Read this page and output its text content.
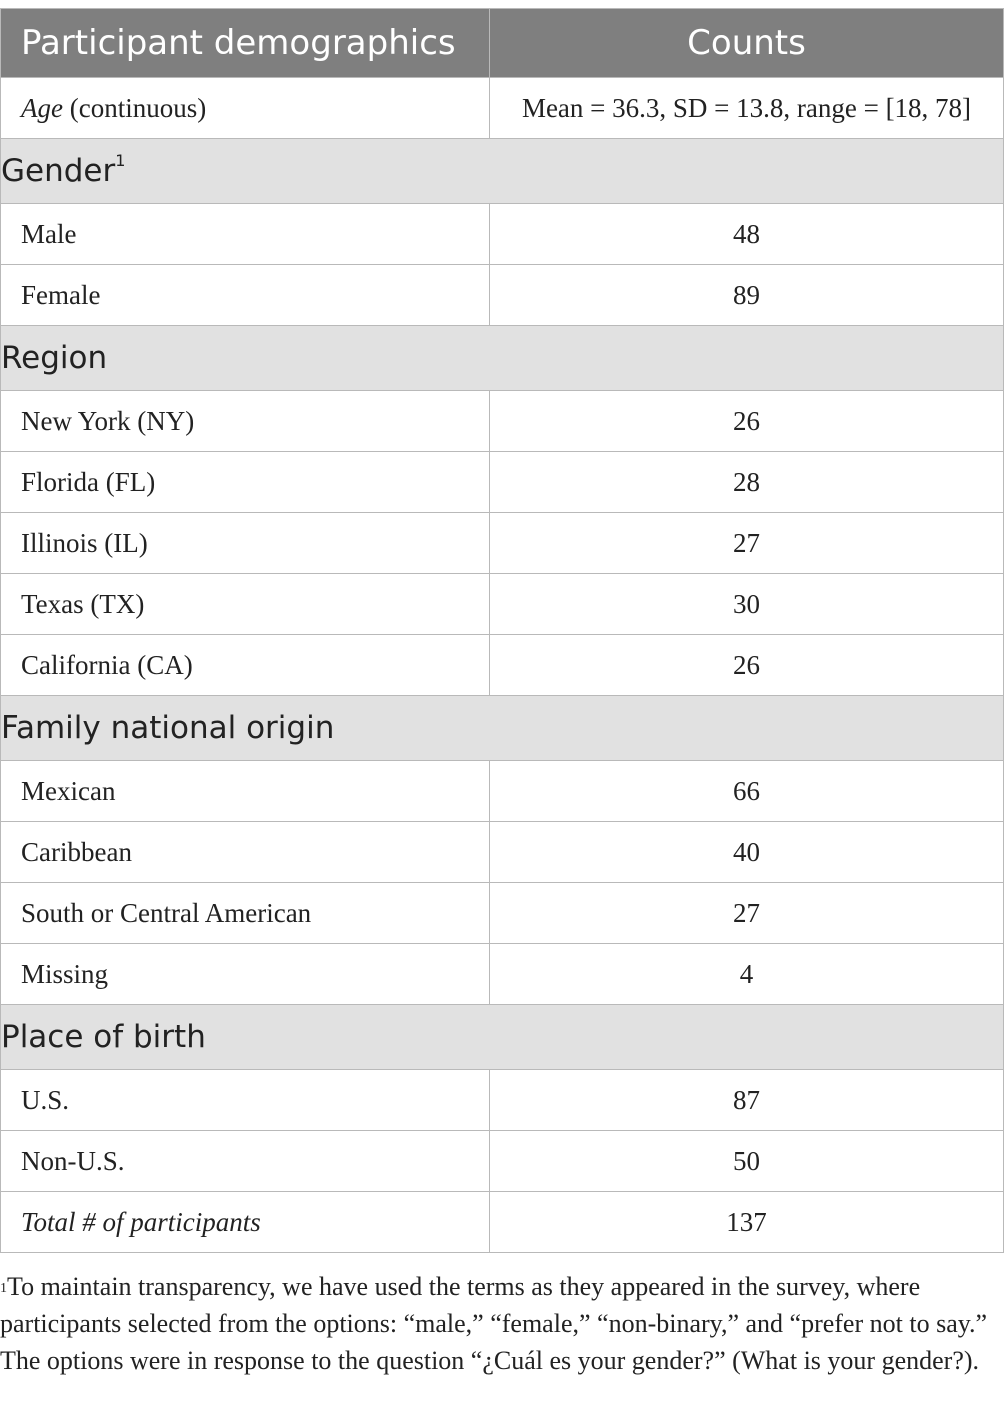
Participant demographics	Counts
Age (continuous)	Mean = 36.3, SD = 13.8, range = [18, 78]
Gender$^1$
Male	48
Female	89
Region	
New York (NY)	26
Florida (FL)	28
Illinois (IL)	27
Texas (TX)	30
California (CA)	26
Family national origin	
Mexican	66
Caribbean	40
South or Central American	27
Missing	4
Place of birth	
U.S.	87
Non-U.S.	50
Total # of participants	137
$^1$To maintain transparency, we have used the terms as they appeared in the survey, where participants selected from the options: “male,” “female,” “non-binary,” and “prefer not to say.” The options were in response to the question “¿Cuál es your gender?” (What is your gender?).
